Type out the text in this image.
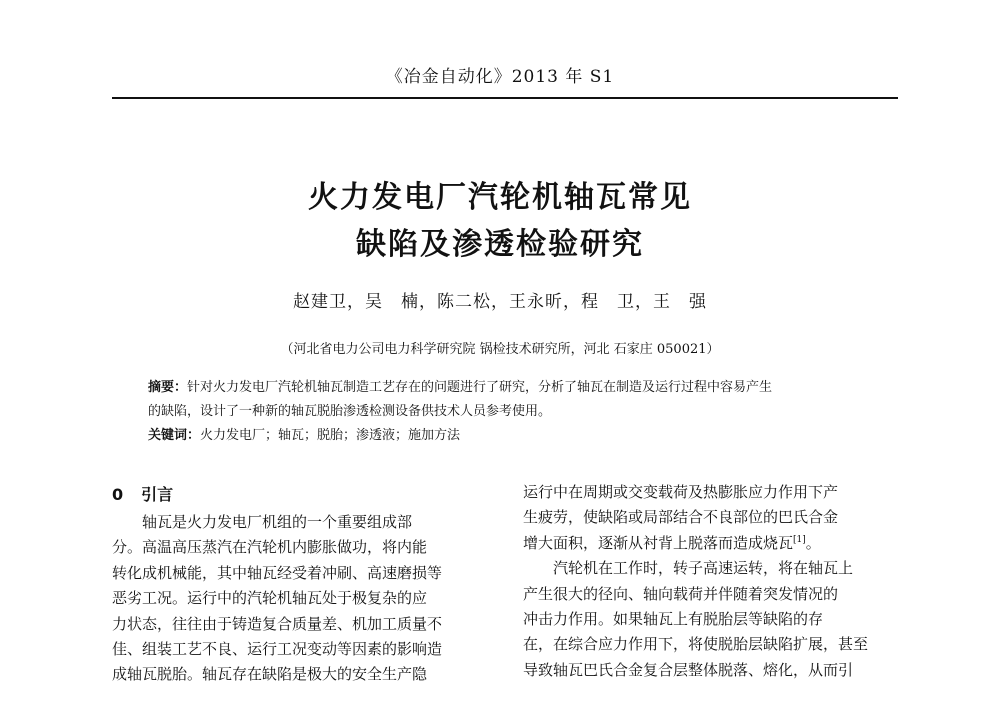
《冶金自动化》2013 年 S1
火力发电厂汽轮机轴瓦常见
缺陷及渗透检验研究
赵建卫，吴　楠，陈二松，王永昕，程　卫，王　强
（河北省电力公司电力科学研究院 锅检技术研究所，河北 石家庄 050021）
摘要：针对火力发电厂汽轮机轴瓦制造工艺存在的问题进行了研究，分析了轴瓦在制造及运行过程中容易产生
的缺陷，设计了一种新的轴瓦脱胎渗透检测设备供技术人员参考使用。
关键词：火力发电厂；轴瓦；脱胎；渗透液；施加方法
0 引言
轴瓦是火力发电厂机组的一个重要组成部
分。高温高压蒸汽在汽轮机内膨胀做功，将内能
转化成机械能，其中轴瓦经受着冲刷、高速磨损等
恶劣工况。运行中的汽轮机轴瓦处于极复杂的应
力状态，往往由于铸造复合质量差、机加工质量不
佳、组装工艺不良、运行工况变动等因素的影响造
成轴瓦脱胎。轴瓦存在缺陷是极大的安全生产隐
运行中在周期或交变载荷及热膨胀应力作用下产
生疲劳，使缺陷或局部结合不良部位的巴氏合金
增大面积，逐渐从衬背上脱落而造成烧瓦[1]。
汽轮机在工作时，转子高速运转，将在轴瓦上
产生很大的径向、轴向载荷并伴随着突发情况的
冲击力作用。如果轴瓦上有脱胎层等缺陷的存
在，在综合应力作用下，将使脱胎层缺陷扩展，甚至
导致轴瓦巴氏合金复合层整体脱落、熔化，从而引
